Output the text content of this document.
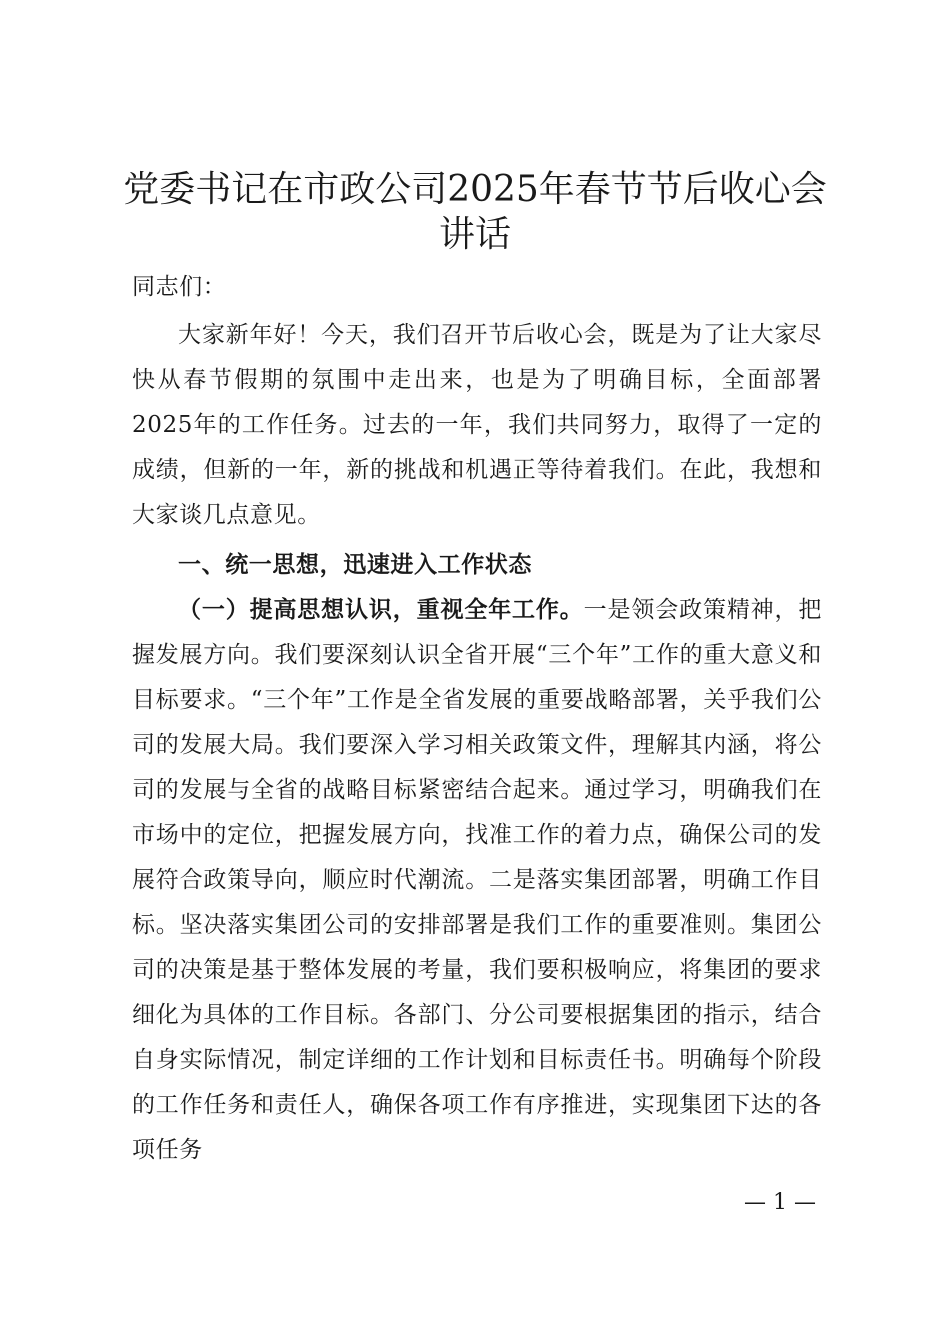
党委书记在市政公司2025年春节节后收心会
讲话
同志们：
大家新年好！今天，我们召开节后收心会，既是为了让大家尽快从春节假期的氛围中走出来，也是为了明确目标，全面部署2025年的工作任务。过去的一年，我们共同努力，取得了一定的成绩，但新的一年，新的挑战和机遇正等待着我们。在此，我想和大家谈几点意见。
一、统一思想，迅速进入工作状态
（一）提高思想认识，重视全年工作。一是领会政策精神，把握发展方向。我们要深刻认识全省开展“三个年”工作的重大意义和目标要求。“三个年”工作是全省发展的重要战略部署，关乎我们公司的发展大局。我们要深入学习相关政策文件，理解其内涵，将公司的发展与全省的战略目标紧密结合起来。通过学习，明确我们在市场中的定位，把握发展方向，找准工作的着力点，确保公司的发展符合政策导向，顺应时代潮流。二是落实集团部署，明确工作目标。坚决落实集团公司的安排部署是我们工作的重要准则。集团公司的决策是基于整体发展的考量，我们要积极响应，将集团的要求细化为具体的工作目标。各部门、分公司要根据集团的指示，结合自身实际情况，制定详细的工作计划和目标责任书。明确每个阶段的工作任务和责任人，确保各项工作有序推进，实现集团下达的各项任务
— 1 —
